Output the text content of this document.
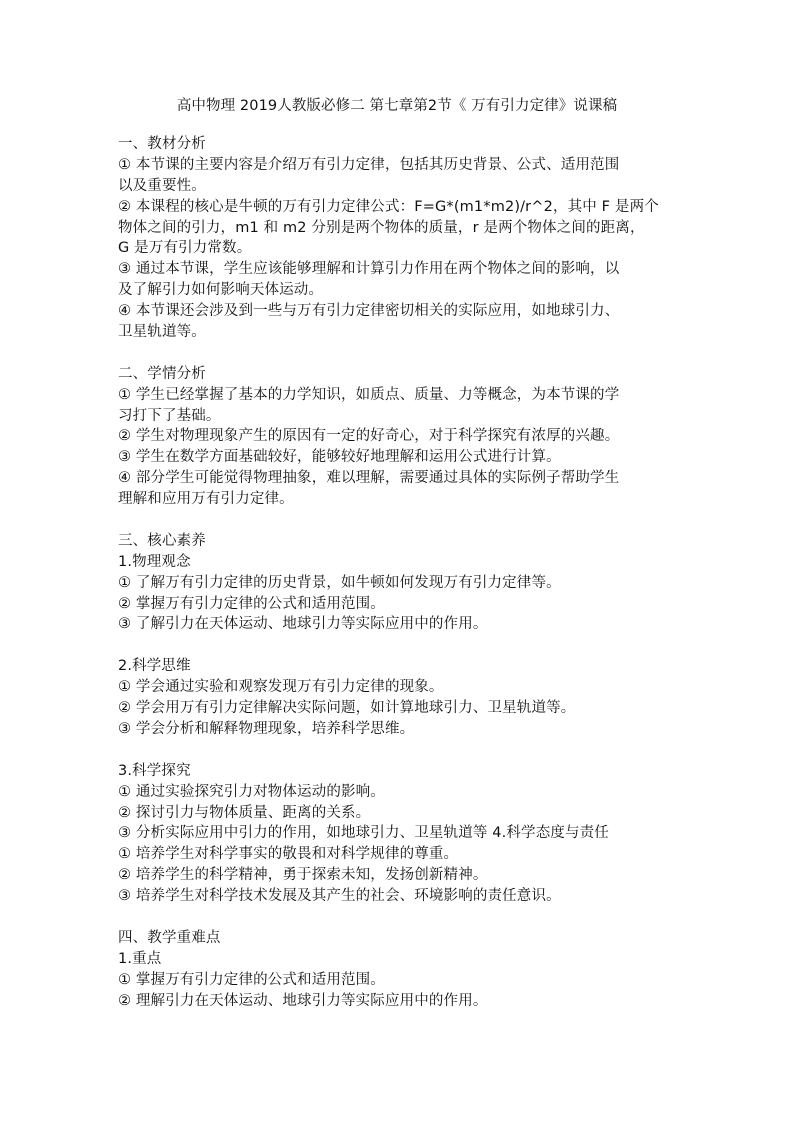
高中物理 2019人教版必修二 第七章第2节《 万有引力定律》说课稿
一、教材分析
① 本节课的主要内容是介绍万有引力定律，包括其历史背景、公式、适用范围
以及重要性。
② 本课程的核心是牛顿的万有引力定律公式：F=G*(m1*m2)/r^2，其中 F 是两个
物体之间的引力，m1 和 m2 分别是两个物体的质量，r 是两个物体之间的距离，
G 是万有引力常数。
③ 通过本节课，学生应该能够理解和计算引力作用在两个物体之间的影响，以
及了解引力如何影响天体运动。
④ 本节课还会涉及到一些与万有引力定律密切相关的实际应用，如地球引力、
卫星轨道等。
二、学情分析
① 学生已经掌握了基本的力学知识，如质点、质量、力等概念，为本节课的学
习打下了基础。
② 学生对物理现象产生的原因有一定的好奇心，对于科学探究有浓厚的兴趣。
③ 学生在数学方面基础较好，能够较好地理解和运用公式进行计算。
④ 部分学生可能觉得物理抽象，难以理解，需要通过具体的实际例子帮助学生
理解和应用万有引力定律。
三、核心素养
1.物理观念
① 了解万有引力定律的历史背景，如牛顿如何发现万有引力定律等。
② 掌握万有引力定律的公式和适用范围。
③ 了解引力在天体运动、地球引力等实际应用中的作用。
2.科学思维
① 学会通过实验和观察发现万有引力定律的现象。
② 学会用万有引力定律解决实际问题，如计算地球引力、卫星轨道等。
③ 学会分析和解释物理现象，培养科学思维。
3.科学探究
① 通过实验探究引力对物体运动的影响。
② 探讨引力与物体质量、距离的关系。
③ 分析实际应用中引力的作用，如地球引力、卫星轨道等 4.科学态度与责任
① 培养学生对科学事实的敬畏和对科学规律的尊重。
② 培养学生的科学精神，勇于探索未知，发扬创新精神。
③ 培养学生对科学技术发展及其产生的社会、环境影响的责任意识。
四、教学重难点
1.重点
① 掌握万有引力定律的公式和适用范围。
② 理解引力在天体运动、地球引力等实际应用中的作用。
